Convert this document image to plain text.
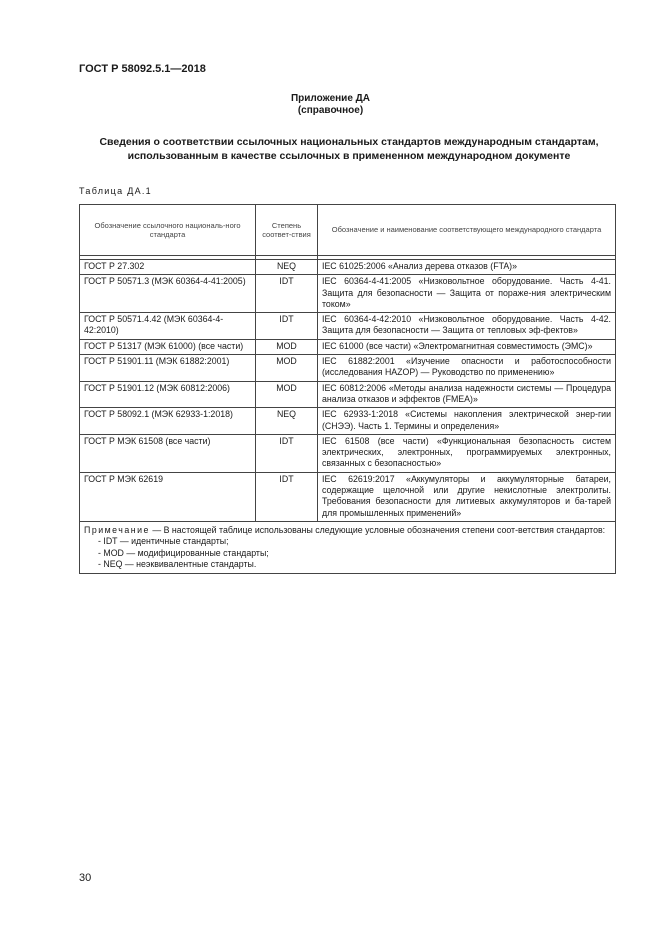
ГОСТ Р 58092.5.1—2018
Приложение ДА
(справочное)
Сведения о соответствии ссылочных национальных стандартов международным стандартам, использованным в качестве ссылочных в примененном международном документе
Таблица ДА.1
Обозначение ссылочного националь-ного стандарта	Степень соответ-ствия	Обозначение и наименование соответствующего международного стандарта

ГОСТ Р 27.302	NEQ	IEC 61025:2006 «Анализ дерева отказов (FTA)»
ГОСТ Р 50571.3 (МЭК 60364-4-41:2005)	IDT	IEC 60364-4-41:2005 «Низковольтное оборудование. Часть 4-41. Защита для безопасности — Защита от пораже-ния электрическим током»
ГОСТ Р 50571.4.42 (МЭК 60364-4-42:2010)	IDT	IEC 60364-4-42:2010 «Низковольтное оборудование. Часть 4-42. Защита для безопасности — Защита от тепловых эф-фектов»
ГОСТ Р 51317 (МЭК 61000) (все части)	MOD	IEC 61000 (все части) «Электромагнитная совместимость (ЭМС)»
ГОСТ Р 51901.11 (МЭК 61882:2001)	MOD	IEC 61882:2001 «Изучение опасности и работоспособности (исследования HAZOP) — Руководство по применению»
ГОСТ Р 51901.12 (МЭК 60812:2006)	MOD	IEC 60812:2006 «Методы анализа надежности системы — Процедура анализа отказов и эффектов (FMEA)»
ГОСТ Р 58092.1 (МЭК 62933-1:2018)	NEQ	IEC 62933-1:2018 «Системы накопления электрической энер-гии (СНЭЭ). Часть 1. Термины и определения»
ГОСТ Р МЭК 61508 (все части)	IDT	IEC 61508 (все части) «Функциональная безопасность систем электрических, электронных, программируемых электронных, связанных с безопасностью»
ГОСТ Р МЭК 62619	IDT	IEC 62619:2017 «Аккумуляторы и аккумуляторные батареи, содержащие щелочной или другие некислотные электролиты. Требования безопасности для литиевых аккумуляторов и ба-тарей для промышленных применений»
Примечание — В настоящей таблице использованы следующие условные обозначения степени соот-ветствия стандартов:
- IDT — идентичные стандарты;
- MOD — модифицированные стандарты;
- NEQ — неэквивалентные стандарты.		
30
